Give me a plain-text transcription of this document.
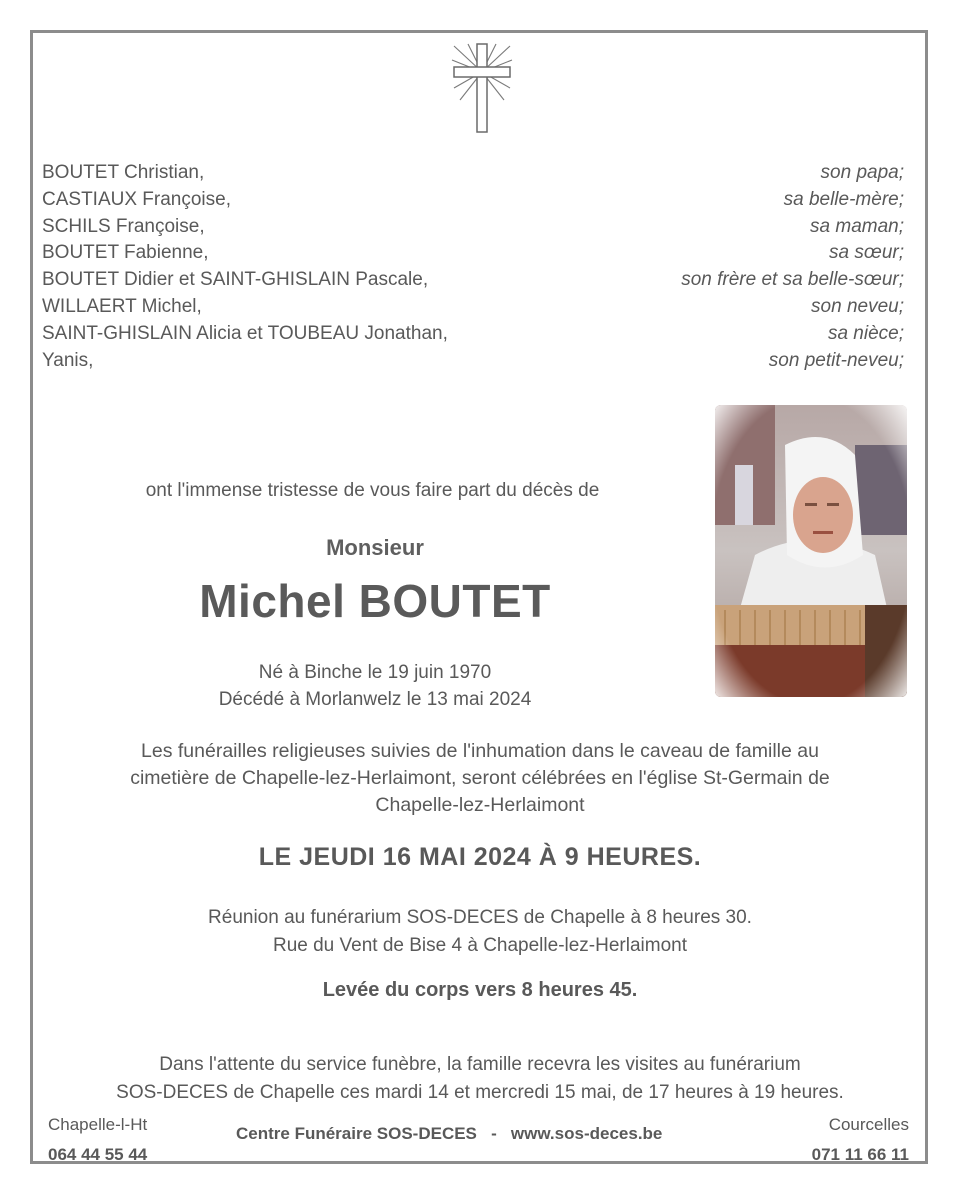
BOUTET Christian,	son papa;
CASTIAUX Françoise,	sa belle-mère;
SCHILS Françoise,	sa maman;
BOUTET Fabienne,	sa sœur;
BOUTET Didier et SAINT-GHISLAIN Pascale,	son frère et sa belle-sœur;
WILLAERT Michel,	son neveu;
SAINT-GHISLAIN Alicia et TOUBEAU Jonathan,	sa nièce;
Yanis,	son petit-neveu;
ont l'immense tristesse de vous faire part du décès de
Monsieur
Michel BOUTET
Né à Binche le 19 juin 1970
Décédé à Morlanwelz le 13 mai 2024
Les funérailles religieuses suivies de l'inhumation dans le caveau de famille au
cimetière de Chapelle-lez-Herlaimont, seront célébrées en l'église St-Germain de
Chapelle-lez-Herlaimont
LE JEUDI 16 MAI 2024 À 9 HEURES.
Réunion au funérarium SOS-DECES de Chapelle à 8 heures 30.
Rue du Vent de Bise 4 à Chapelle-lez-Herlaimont
Levée du corps vers 8 heures 45.
Dans l'attente du service funèbre, la famille recevra les visites au funérarium
SOS-DECES de Chapelle ces mardi 14 et mercredi 15 mai, de 17 heures à 19 heures.
Chapelle-l-Ht
064 44 55 44
Centre Funéraire SOS-DECES   -   www.sos-deces.be	Courcelles
071 11 66 11
